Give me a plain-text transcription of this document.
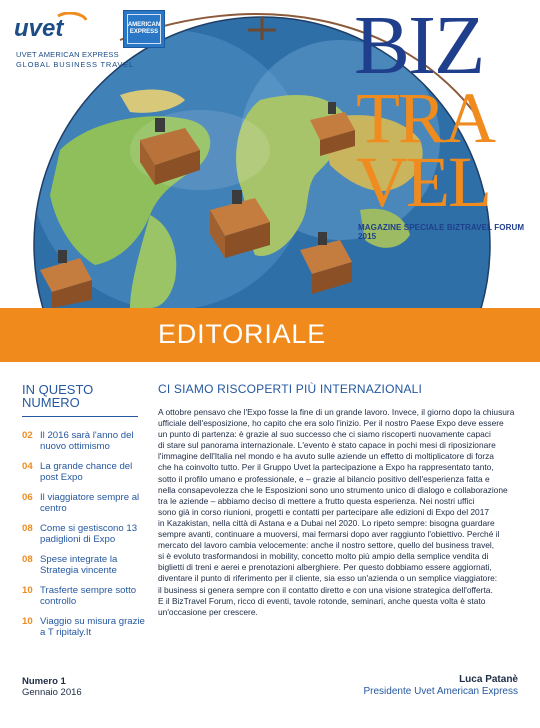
uvet
UVET AMERICAN EXPRESS
GLOBAL BUSINESS TRAVEL
AMERICAN
EXPRESS BIZ
TRA
VEL
MAGAZINE SPECIALE BIZTRAVEL FORUM 2015
EDITORIALE
IN QUESTO
NUMERO
02 Il 2016 sarà l'anno del nuovo ottimismo
04 La grande chance del post Expo
06 Il viaggiatore sempre al centro
08 Come si gestiscono 13 padiglioni di Expo
08 Spese integrate la Strategia vincente
10 Trasferte sempre sotto controllo
10 Viaggio su misura grazie a T ripitaly.It
Numero 1
Gennaio 2016
CI SIAMO RISCOPERTI PIÙ INTERNAZIONALI

A ottobre pensavo che l'Expo fosse la fine di un grande lavoro. Invece, il giorno dopo la chiusura

ufficiale dell'esposizione, ho capito che era solo l'inizio. Per il nostro Paese Expo deve essere

un punto di partenza: è grazie al suo successo che ci siamo riscoperti nuovamente capaci

di stare sul panorama internazionale. L'evento è stato capace in pochi mesi di riposizionare

l'immagine dell'Italia nel mondo e ha avuto sulle aziende un effetto di moltiplicatore di forza

che ha coinvolto tutto. Per il Gruppo Uvet la partecipazione a Expo ha rappresentato tanto,

sotto il profilo umano e professionale, e – grazie al bilancio positivo dell'esperienza fatta e

nella consapevolezza che le Esposizioni sono uno strumento unico di dialogo e collaborazione

tra le aziende – abbiamo deciso di mettere a frutto questa esperienza. Nei nostri uffici

sono già in corso riunioni, progetti e contatti per partecipare alle edizioni di Expo del 2017

in Kazakistan, nella città di Astana e a Dubai nel 2020. Lo ripeto sempre: bisogna guardare

sempre avanti, continuare a muoversi, mai fermarsi dopo aver raggiunto l'obiettivo. Perché il

mercato del lavoro cambia velocemente: anche il nostro settore, quello del business travel,

si è evoluto trasformandosi in mobility, concetto molto più ampio della semplice vendita di

biglietti di treni e aerei e prenotazioni alberghiere. Per questo dobbiamo essere aggiornati,

diventare il punto di riferimento per il cliente, sia esso un'azienda o un semplice viaggiatore:

il business si genera sempre con il contatto diretto e con una visione strategica dell'offerta.

E il BizTravel Forum, ricco di eventi, tavole rotonde, seminari, anche questa volta è stato

un'occasione per crescere.

Luca Patanè
Presidente Uvet American Express
